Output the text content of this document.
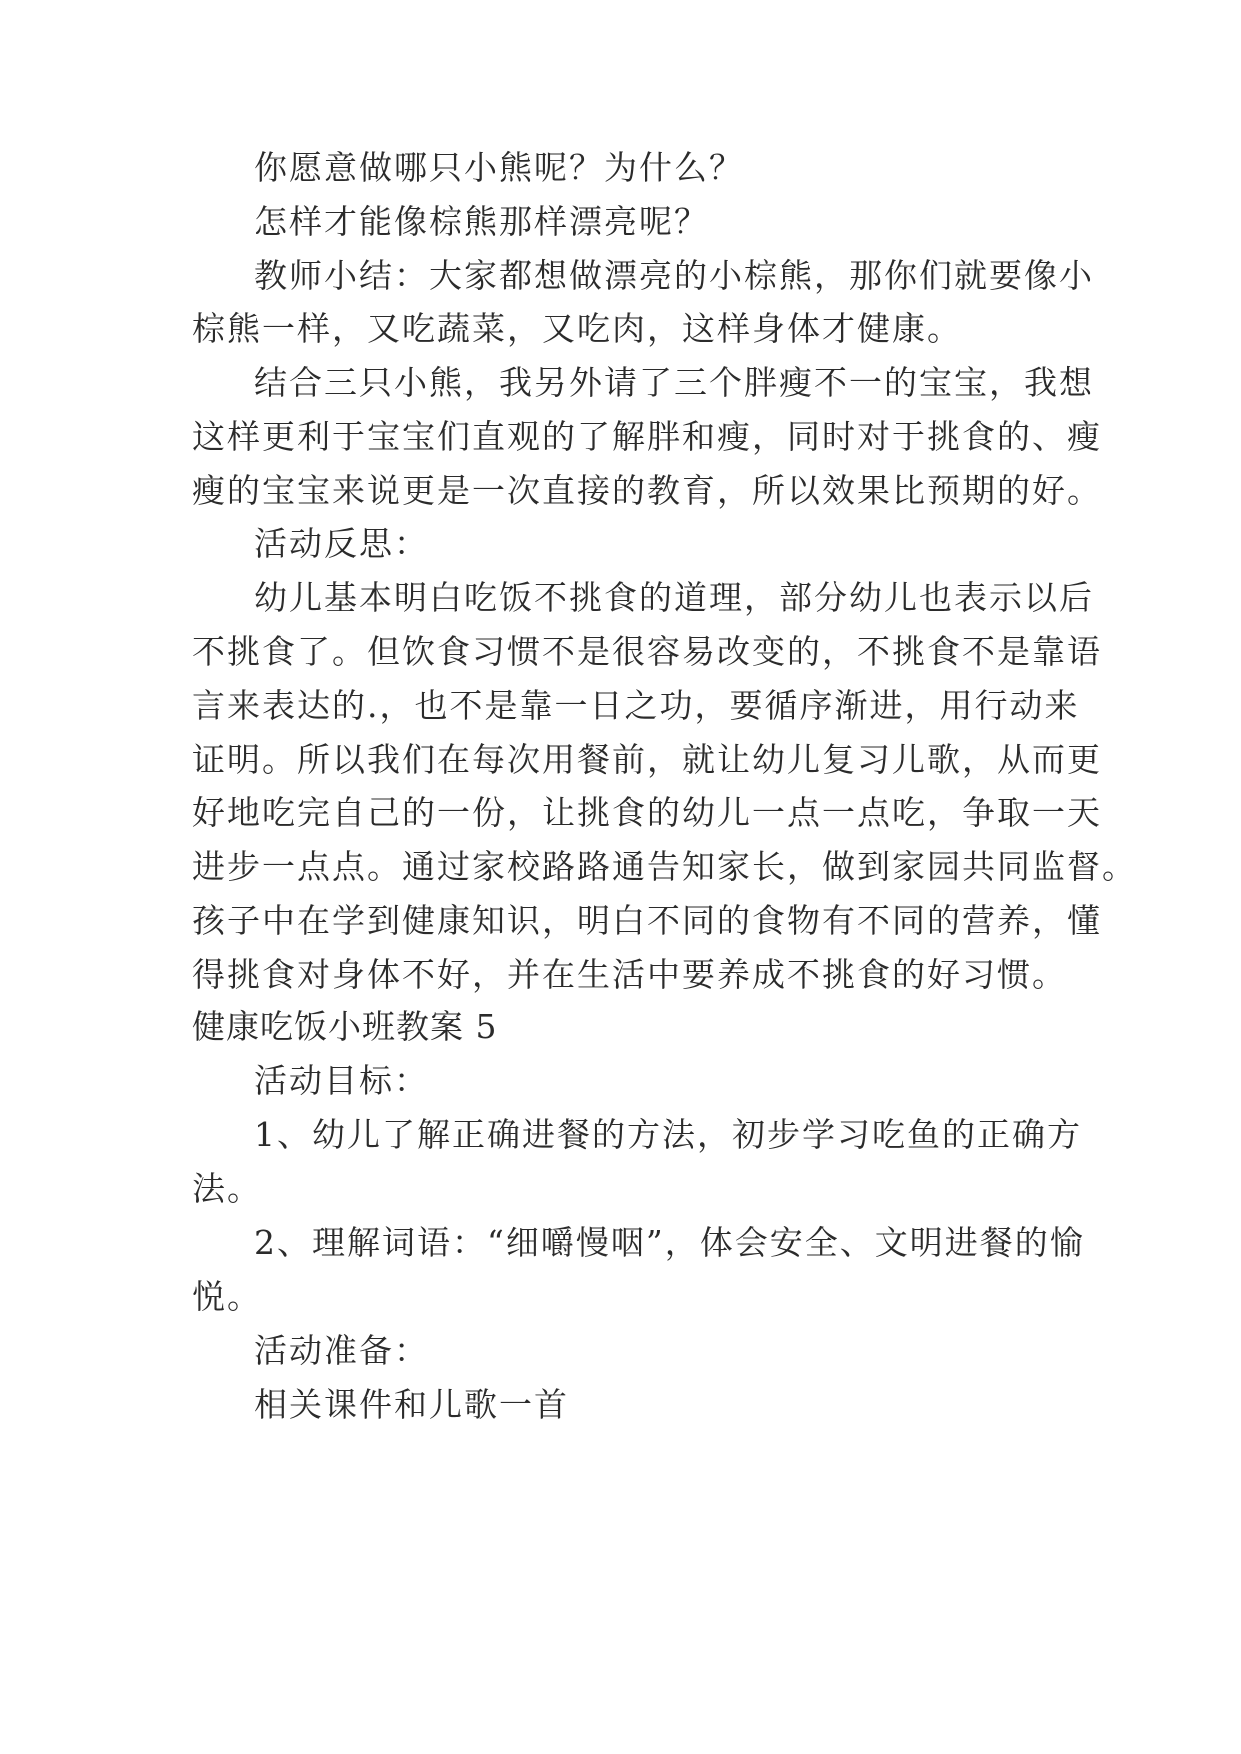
你愿意做哪只小熊呢？为什么？
怎样才能像棕熊那样漂亮呢？
教师小结：大家都想做漂亮的小棕熊，那你们就要像小
棕熊一样，又吃蔬菜，又吃肉，这样身体才健康。
结合三只小熊，我另外请了三个胖瘦不一的宝宝，我想
这样更利于宝宝们直观的了解胖和瘦，同时对于挑食的、瘦
瘦的宝宝来说更是一次直接的教育，所以效果比预期的好。
活动反思：
幼儿基本明白吃饭不挑食的道理，部分幼儿也表示以后
不挑食了。但饮食习惯不是很容易改变的，不挑食不是靠语
言来表达的.，也不是靠一日之功，要循序渐进，用行动来
证明。所以我们在每次用餐前，就让幼儿复习儿歌，从而更
好地吃完自己的一份，让挑食的幼儿一点一点吃，争取一天
进步一点点。通过家校路路通告知家长，做到家园共同监督。
孩子中在学到健康知识，明白不同的食物有不同的营养，懂
得挑食对身体不好，并在生活中要养成不挑食的好习惯。
健康吃饭小班教案 5
活动目标：
1、幼儿了解正确进餐的方法，初步学习吃鱼的正确方
法。
2、理解词语：“细嚼慢咽”，体会安全、文明进餐的愉
悦。
活动准备：
相关课件和儿歌一首
